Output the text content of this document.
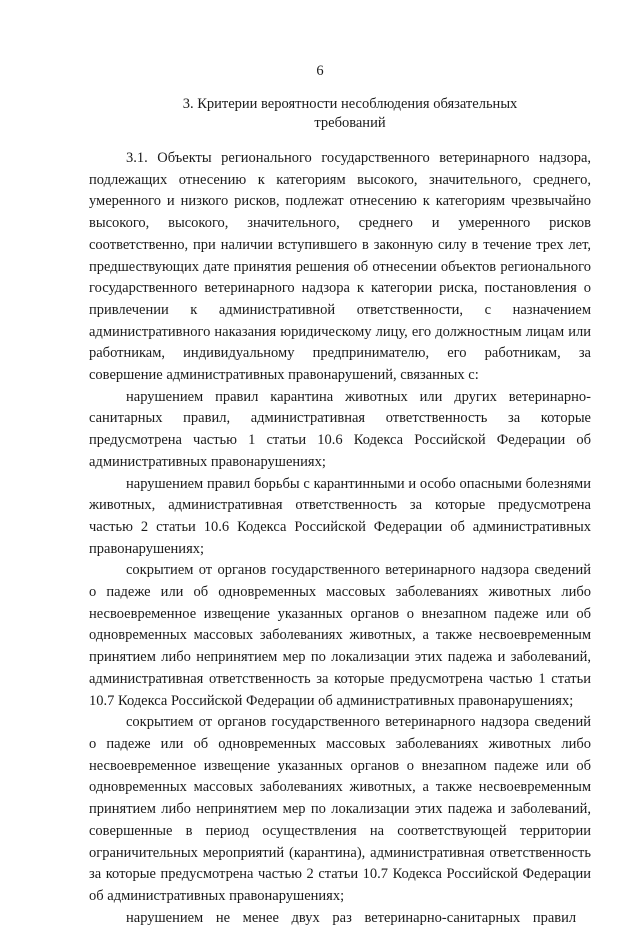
6
3. Критерии вероятности несоблюдения обязательных
требований

3.1. Объекты регионального государственного ветеринарного надзора, подлежащих отнесению к категориям высокого, значительного, среднего, умеренного и низкого рисков, подлежат отнесению к категориям чрезвычайно высокого, высокого, значительного, среднего и умеренного рисков соответственно, при наличии вступившего в законную силу в течение трех лет, предшествующих дате принятия решения об отнесении объектов регионального государственного ветеринарного надзора к категории риска, постановления о привлечении к административной ответственности, с назначением административного наказания юридическому лицу, его должностным лицам или работникам, индивидуальному предпринимателю, его работникам, за совершение административных правонарушений, связанных с:

нарушением правил карантина животных или других ветеринарно-санитарных правил, административная ответственность за которые предусмотрена частью 1 статьи 10.6 Кодекса Российской Федерации об административных правонарушениях;

нарушением правил борьбы с карантинными и особо опасными болезнями животных, административная ответственность за которые предусмотрена частью 2 статьи 10.6 Кодекса Российской Федерации об административных правонарушениях;

сокрытием от органов государственного ветеринарного надзора сведений о падеже или об одновременных массовых заболеваниях животных либо несвоевременное извещение указанных органов о внезапном падеже или об одновременных массовых заболеваниях животных, а также несвоевременным принятием либо непринятием мер по локализации этих падежа и заболеваний, административная ответственность за которые предусмотрена частью 1 статьи 10.7 Кодекса Российской Федерации об административных правонарушениях;

сокрытием от органов государственного ветеринарного надзора сведений о падеже или об одновременных массовых заболеваниях животных либо несвоевременное извещение указанных органов о внезапном падеже или об одновременных массовых заболеваниях животных, а также несвоевременным принятием либо непринятием мер по локализации этих падежа и заболеваний, совершенные в период осуществления на соответствующей территории ограничительных мероприятий (карантина), административная ответственность за которые предусмотрена частью 2 статьи 10.7 Кодекса Российской Федерации об административных правонарушениях;

нарушением не менее двух раз ветеринарно-санитарных правил
